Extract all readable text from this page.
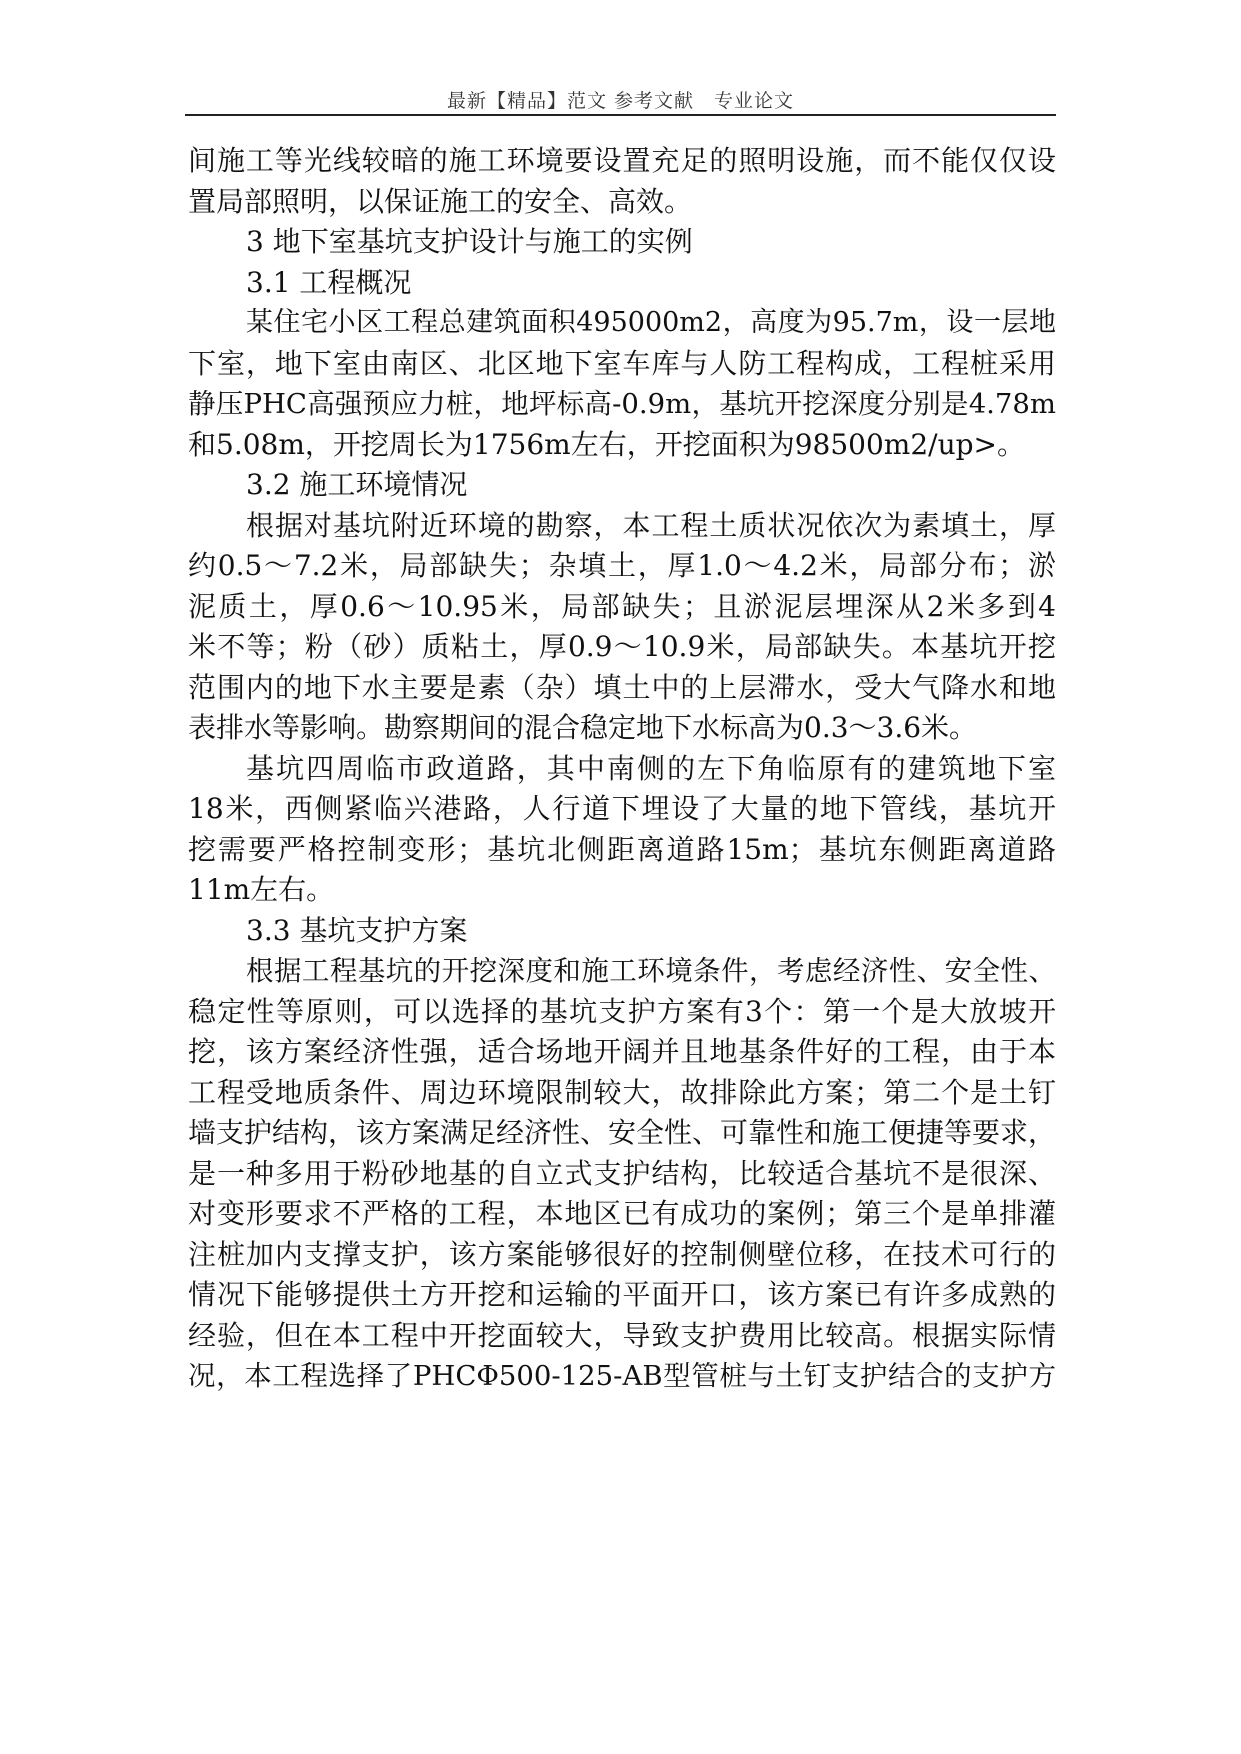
最新【精品】范文 参考文献　专业论文
间施工等光线较暗的施工环境要设置充足的照明设施，而不能仅仅设
置局部照明，以保证施工的安全、高效。
3 地下室基坑支护设计与施工的实例
3.1 工程概况
某住宅小区工程总建筑面积495000m2，高度为95.7m，设一层地
下室，地下室由南区、北区地下室车库与人防工程构成，工程桩采用
静压PHC高强预应力桩，地坪标高-0.9m，基坑开挖深度分别是4.78m
和5.08m，开挖周长为1756m左右，开挖面积为98500m2/up>。
3.2 施工环境情况
根据对基坑附近环境的勘察，本工程土质状况依次为素填土，厚
约0.5～7.2米，局部缺失；杂填土，厚1.0～4.2米，局部分布；淤
泥质土，厚0.6～10.95米，局部缺失；且淤泥层埋深从2米多到4
米不等；粉（砂）质粘土，厚0.9～10.9米，局部缺失。本基坑开挖
范围内的地下水主要是素（杂）填土中的上层滞水，受大气降水和地
表排水等影响。勘察期间的混合稳定地下水标高为0.3～3.6米。
基坑四周临市政道路，其中南侧的左下角临原有的建筑地下室
18米，西侧紧临兴港路，人行道下埋设了大量的地下管线，基坑开
挖需要严格控制变形；基坑北侧距离道路15m；基坑东侧距离道路
11m左右。
3.3 基坑支护方案
根据工程基坑的开挖深度和施工环境条件，考虑经济性、安全性、
稳定性等原则，可以选择的基坑支护方案有3个：第一个是大放坡开
挖，该方案经济性强，适合场地开阔并且地基条件好的工程，由于本
工程受地质条件、周边环境限制较大，故排除此方案；第二个是土钉
墙支护结构，该方案满足经济性、安全性、可靠性和施工便捷等要求，
是一种多用于粉砂地基的自立式支护结构，比较适合基坑不是很深、
对变形要求不严格的工程，本地区已有成功的案例；第三个是单排灌
注桩加内支撑支护，该方案能够很好的控制侧壁位移，在技术可行的
情况下能够提供土方开挖和运输的平面开口，该方案已有许多成熟的
经验，但在本工程中开挖面较大，导致支护费用比较高。根据实际情
况，本工程选择了PHCΦ500-125-AB型管桩与土钉支护结合的支护方
